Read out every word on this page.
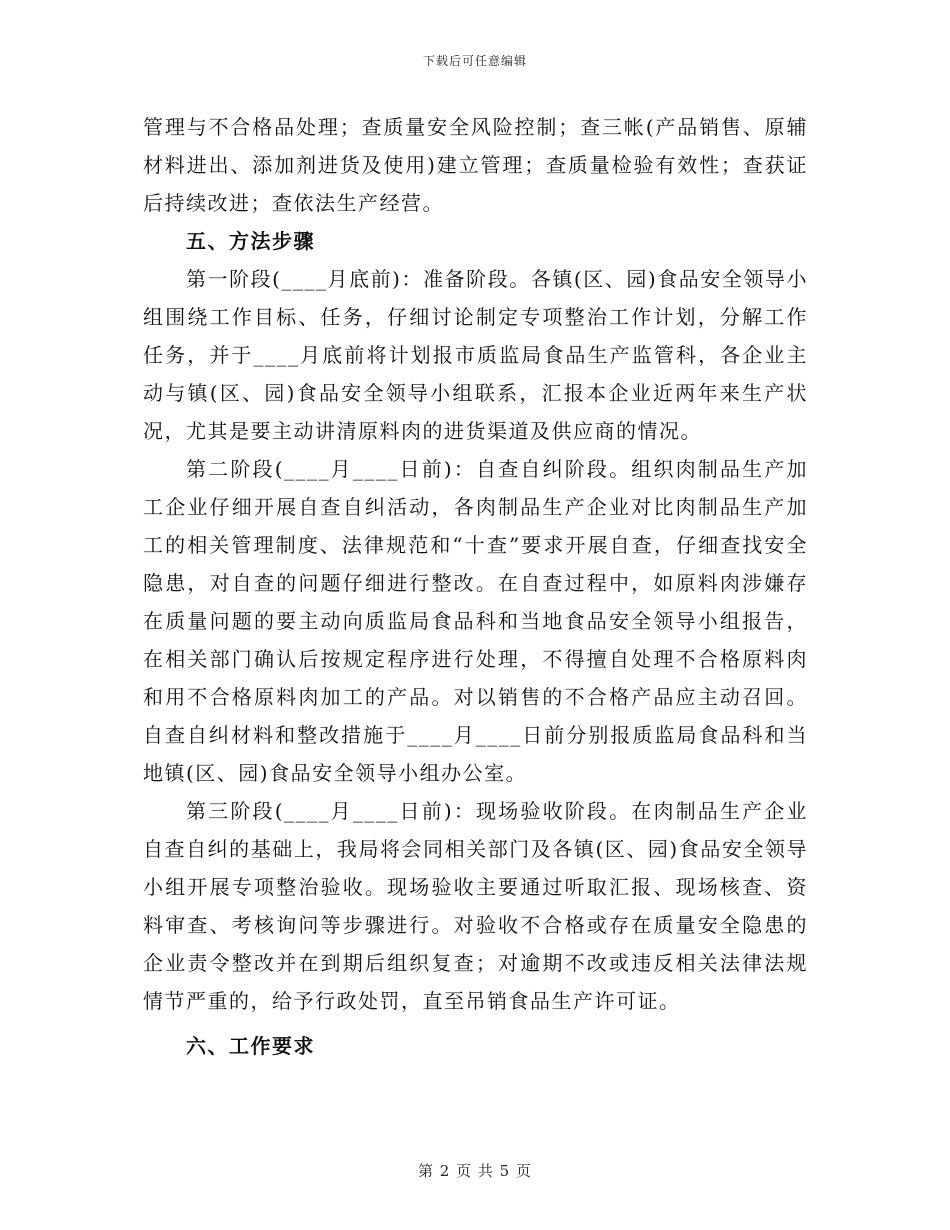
下载后可任意编辑

管理与不合格品处理；查质量安全风险控制；查三帐(产品销售、原辅材料进出、添加剂进货及使用)建立管理；查质量检验有效性；查获证后持续改进；查依法生产经营。

五、方法步骤

第一阶段(____月底前)：准备阶段。各镇(区、园)食品安全领导小组围绕工作目标、任务，仔细讨论制定专项整治工作计划，分解工作任务，并于____月底前将计划报市质监局食品生产监管科，各企业主动与镇(区、园)食品安全领导小组联系，汇报本企业近两年来生产状况，尤其是要主动讲清原料肉的进货渠道及供应商的情况。

第二阶段(____月____日前)：自查自纠阶段。组织肉制品生产加工企业仔细开展自查自纠活动，各肉制品生产企业对比肉制品生产加工的相关管理制度、法律规范和“十查”要求开展自查，仔细查找安全隐患，对自查的问题仔细进行整改。在自查过程中，如原料肉涉嫌存在质量问题的要主动向质监局食品科和当地食品安全领导小组报告，在相关部门确认后按规定程序进行处理，不得擅自处理不合格原料肉和用不合格原料肉加工的产品。对以销售的不合格产品应主动召回。自查自纠材料和整改措施于____月____日前分别报质监局食品科和当地镇(区、园)食品安全领导小组办公室。

第三阶段(____月____日前)：现场验收阶段。在肉制品生产企业自查自纠的基础上，我局将会同相关部门及各镇(区、园)食品安全领导小组开展专项整治验收。现场验收主要通过听取汇报、现场核查、资料审查、考核询问等步骤进行。对验收不合格或存在质量安全隐患的企业责令整改并在到期后组织复查；对逾期不改或违反相关法律法规情节严重的，给予行政处罚，直至吊销食品生产许可证。

六、工作要求

第 2 页 共 5 页
